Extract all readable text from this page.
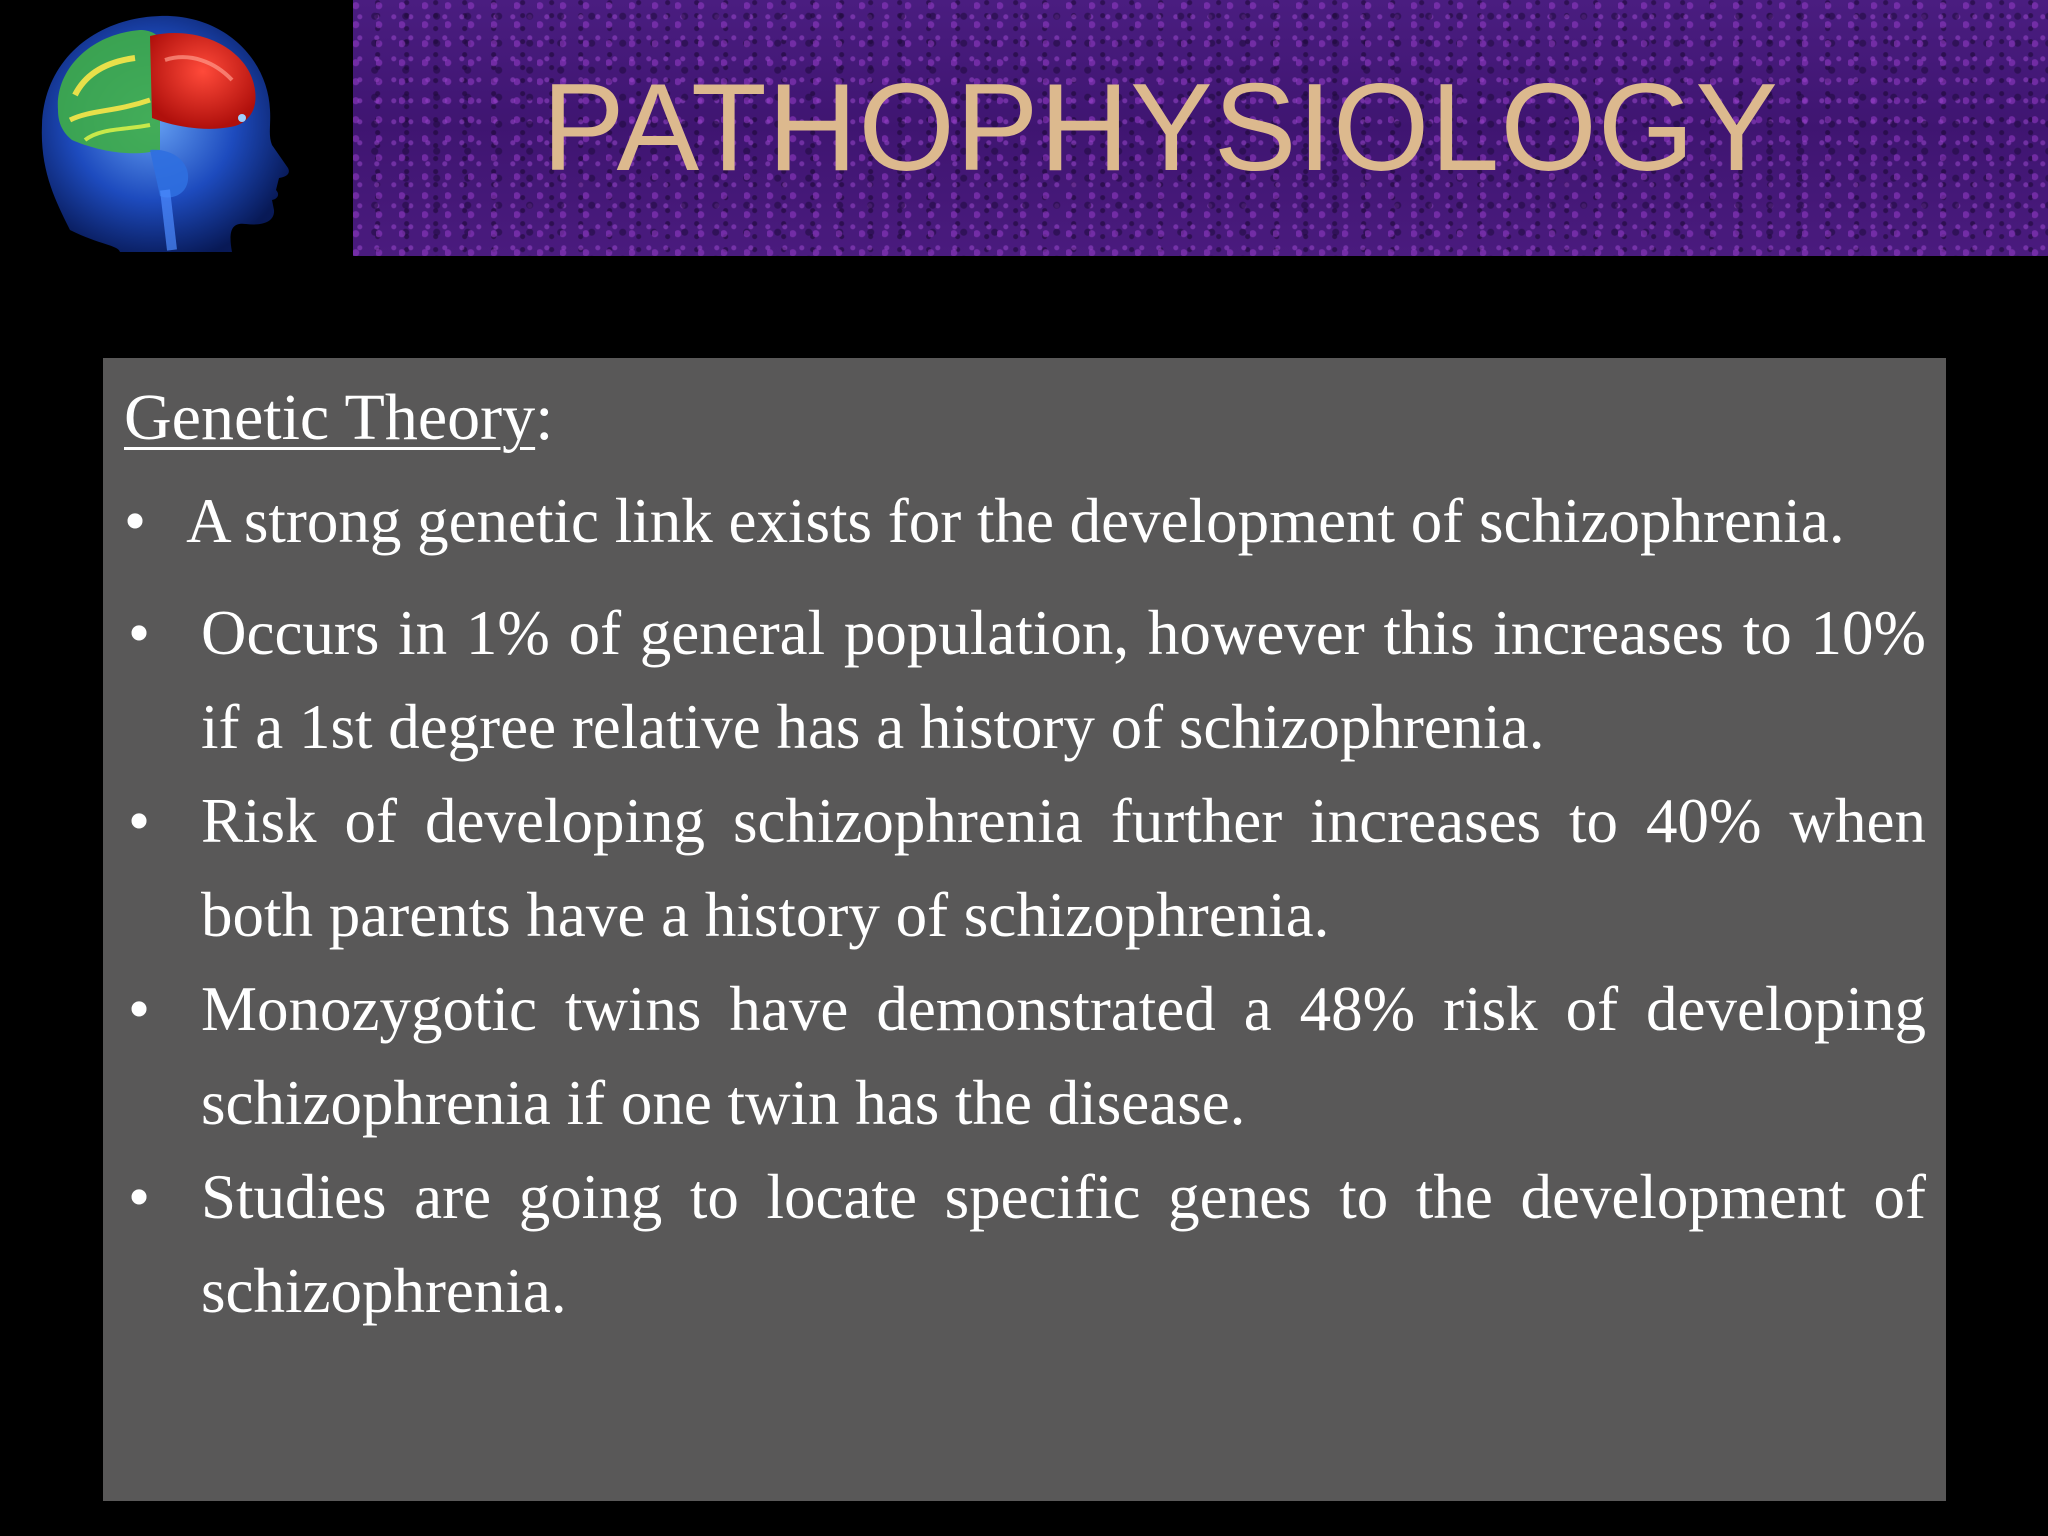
PATHOPHYSIOLOGY

Genetic Theory:

• A strong genetic link exists for the development of schizophrenia.

• Occurs in 1% of general population, however this increases to 10% if a 1st degree relative has a history of schizophrenia.
• Risk of developing schizophrenia further increases to 40% when both parents have a history of schizophrenia.
• Monozygotic twins have demonstrated a 48% risk of developing schizophrenia if one twin has the disease.
• Studies are going to locate specific genes to the development of schizophrenia.
